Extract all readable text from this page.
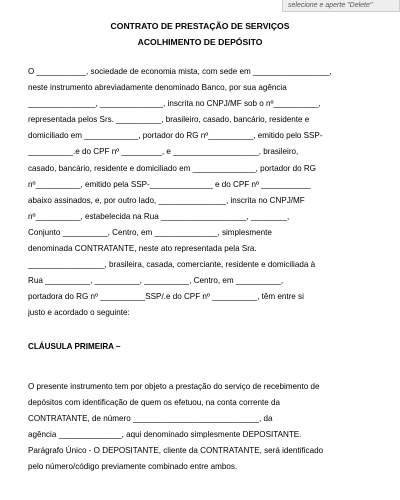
selecione e aperte "Delete"
CONTRATO DE PRESTAÇÃO DE SERVIÇOS
ACOLHIMENTO DE DEPÓSITO
O ___________, sociedade de economia mista, com sede em _________________,
neste instrumento abreviadamente denominado Banco, por sua agência
_______________, ______________, inscrita no CNPJ/MF sob o nº__________,
representada pelos Srs. __________, brasileiro, casado, bancário, residente e
domiciliado em ____________, portador do RG nº__________, emitido pelo SSP-
__________.e do CPF nº _________, e ___________________, brasileiro,
casado, bancário, residente e domiciliado em ______________, portador do RG
nº__________, emitido pela SSP-______________ e do CPF nº ___________
abaixo assinados, e, por outro lado, _______________, inscrita no CNPJ/MF
nº__________, estabelecida na Rua ___________________, ________,
Conjunto __________, Centro, em ______________, simplesmente
denominada CONTRATANTE, neste ato representada pela Sra.
_________________, brasileira, casada, comerciante, residente e domiciliada à
Rua __________, __________, __________, Centro, em __________,
portadora do RG nº __________SSP/.e do CPF nº __________, têm entre si
justo e acordado o seguinte:
CLÁUSULA PRIMEIRA –
O presente instrumento tem por objeto a prestação do serviço de recebimento de
depósitos com identificação de quem os efetuou, na conta corrente da
CONTRATANTE, de número ____________________________, da
agência ______________, aqui denominado simplesmente DEPOSITANTE.
Parágrafo Único - O DEPOSITANTE, cliente da CONTRATANTE, será identificado
pelo número/código previamente combinado entre ambos.
